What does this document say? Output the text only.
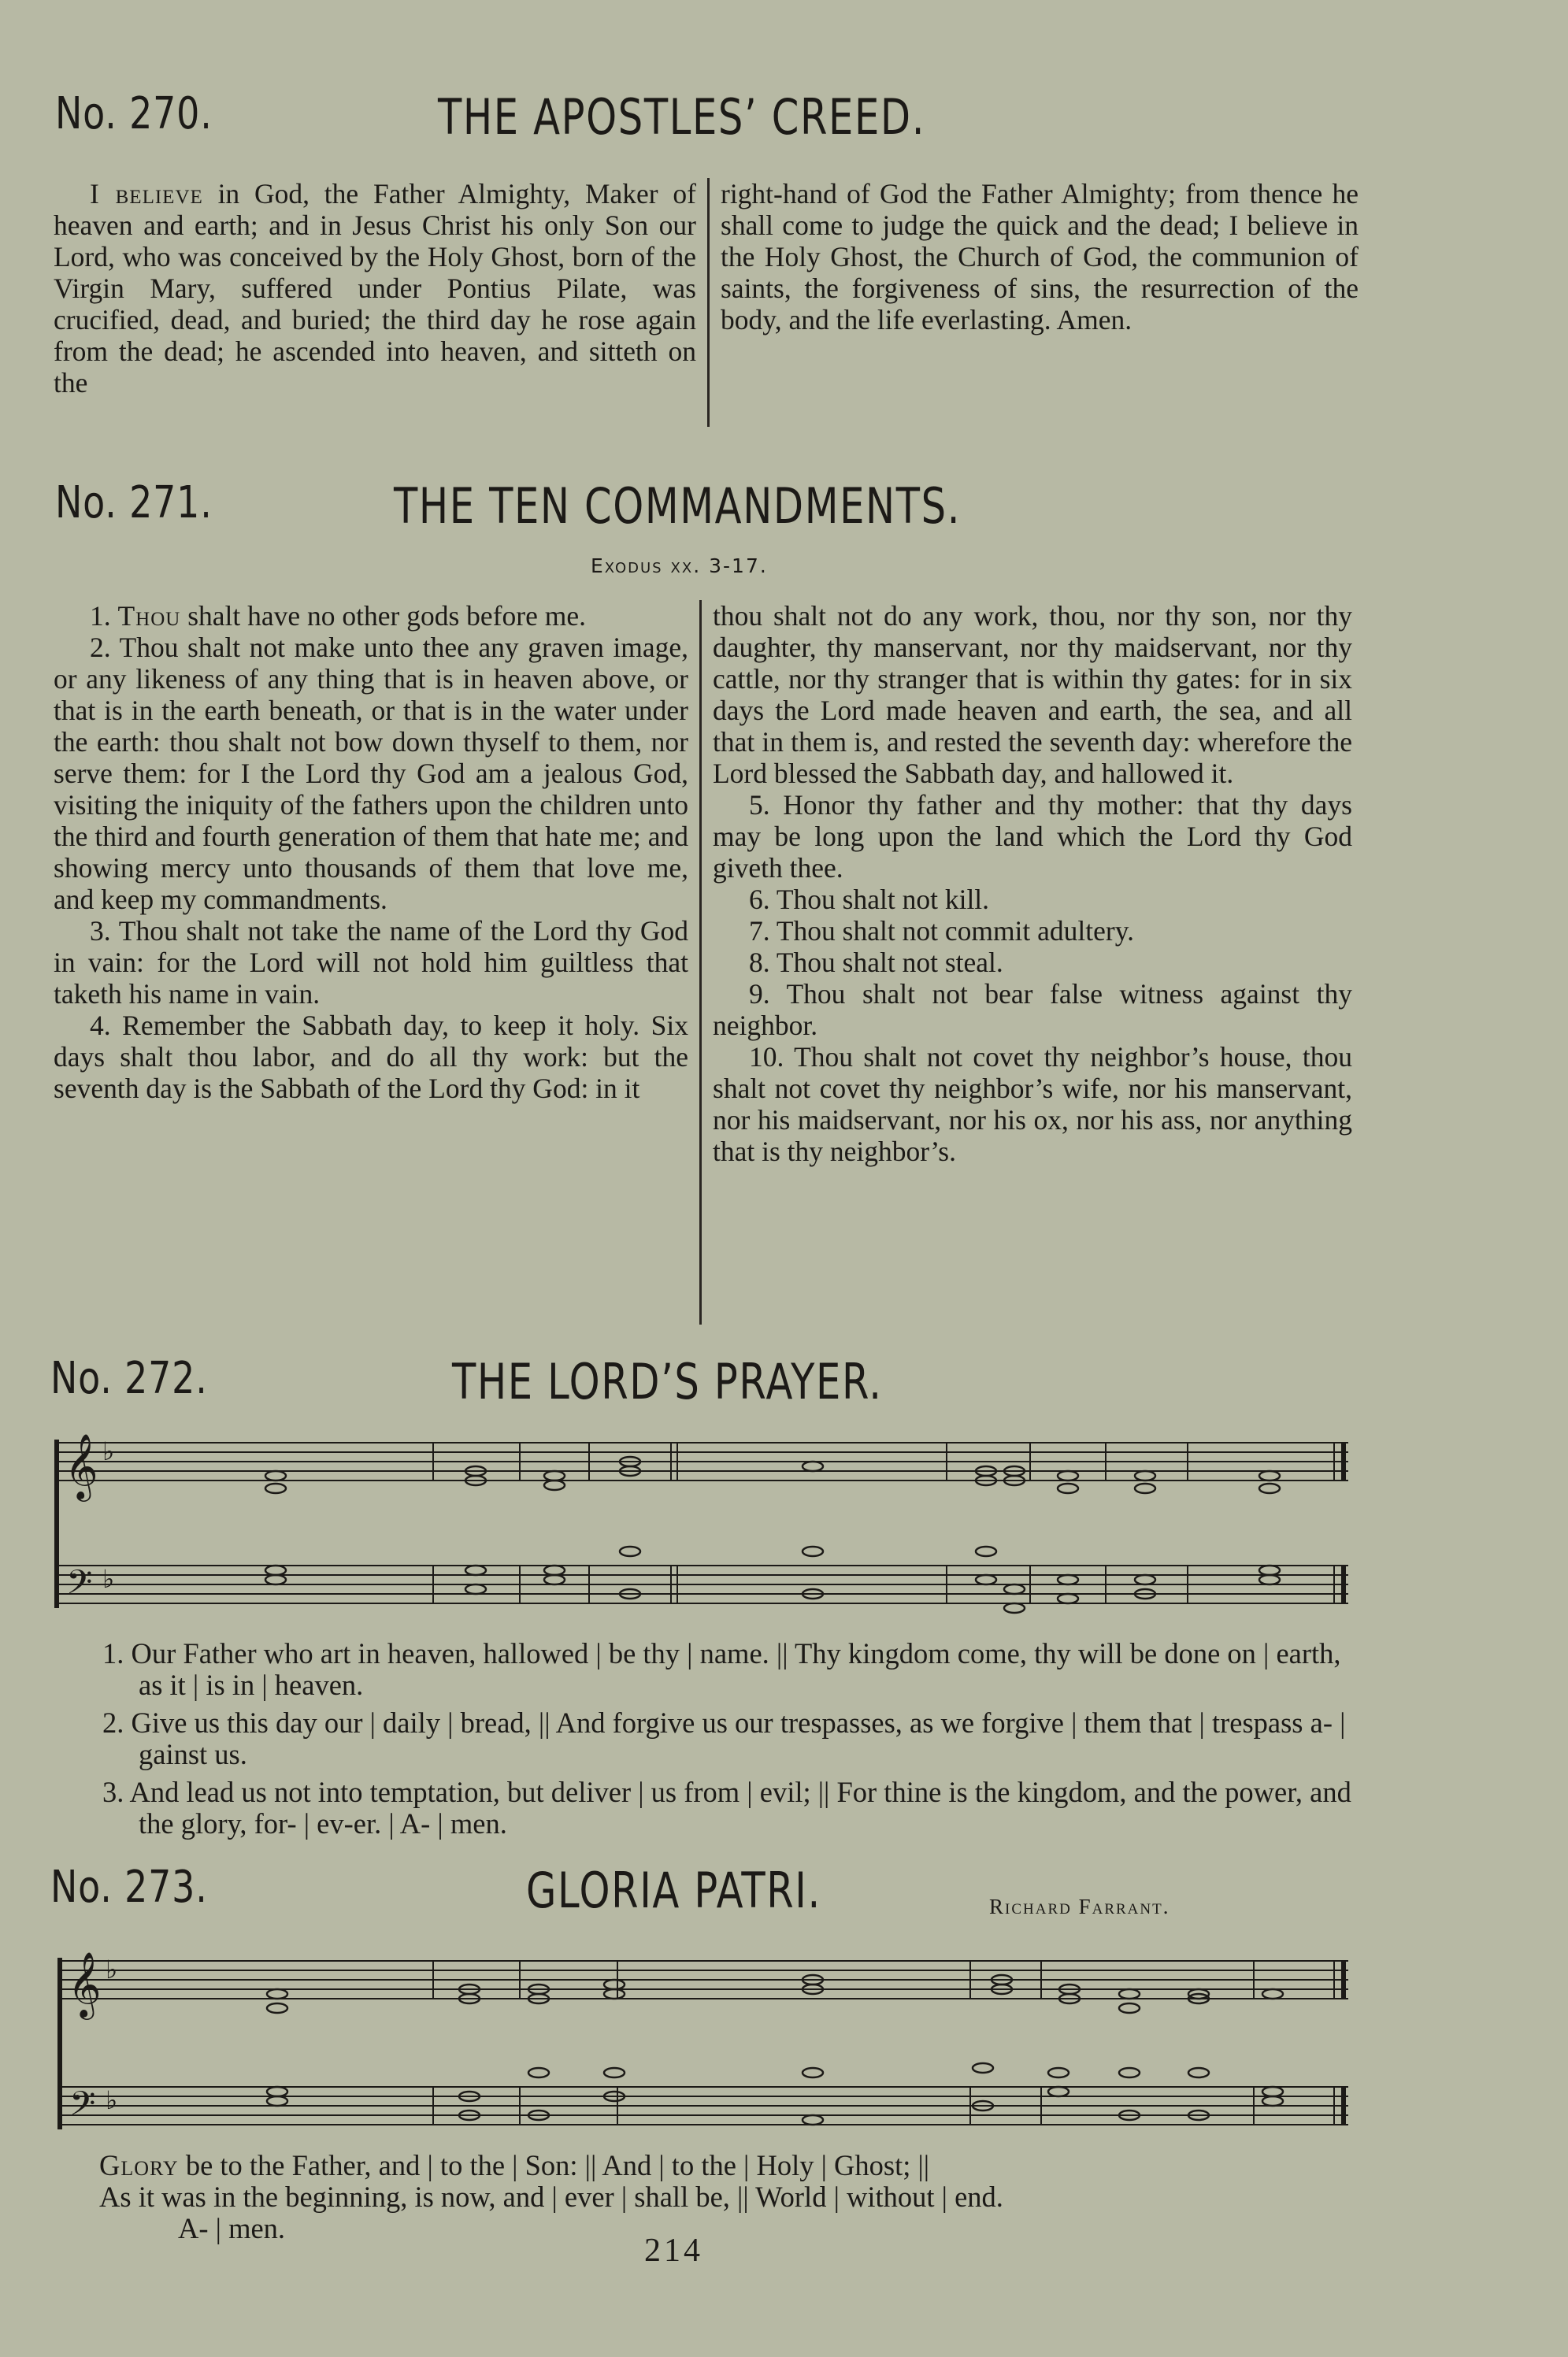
No. 270.	THE APOSTLES’ CREED.

I believe in God, the Father Almighty, Maker of heaven and earth; and in Jesus Christ his only Son our Lord, who was conceived by the Holy Ghost, born of the Virgin Mary, suffered under Pontius Pilate, was crucified, dead, and buried; the third day he rose again from the dead; he ascended into heaven, and sitteth on the

right-hand of God the Father Almighty; from thence he shall come to judge the quick and the dead; I believe in the Holy Ghost, the Church of God, the communion of saints, the forgiveness of sins, the resurrection of the body, and the life everlasting. Amen.

No. 271.	THE TEN COMMANDMENTS.
Exodus xx. 3-17.

1. Thou shalt have no other gods before me.

2. Thou shalt not make unto thee any graven image, or any likeness of any thing that is in heaven above, or that is in the earth beneath, or that is in the water under the earth: thou shalt not bow down thyself to them, nor serve them: for I the Lord thy God am a jealous God, visiting the iniquity of the fathers upon the children unto the third and fourth generation of them that hate me; and showing mercy unto thousands of them that love me, and keep my commandments.

3. Thou shalt not take the name of the Lord thy God in vain: for the Lord will not hold him guiltless that taketh his name in vain.

4. Remember the Sabbath day, to keep it holy. Six days shalt thou labor, and do all thy work: but the seventh day is the Sabbath of the Lord thy God: in it

thou shalt not do any work, thou, nor thy son, nor thy daughter, thy manservant, nor thy maidservant, nor thy cattle, nor thy stranger that is within thy gates: for in six days the Lord made heaven and earth, the sea, and all that in them is, and rested the seventh day: wherefore the Lord blessed the Sabbath day, and hallowed it.

5. Honor thy father and thy mother: that thy days may be long upon the land which the Lord thy God giveth thee.

6. Thou shalt not kill.

7. Thou shalt not commit adultery.

8. Thou shalt not steal.

9. Thou shalt not bear false witness against thy neighbor.

10. Thou shalt not covet thy neighbor’s house, thou shalt not covet thy neighbor’s wife, nor his manservant, nor his maidservant, nor his ox, nor his ass, nor anything that is thy neighbor’s.

No. 272.	THE LORD’S PRAYER.
𝄞
𝄢
♭
♭

1. Our Father who art in heaven, hallowed | be thy | name. || Thy kingdom come, thy will be done on | earth, as it | is in | heaven.

2. Give us this day our | daily | bread, || And forgive us our trespasses, as we forgive | them that | trespass a- | gainst us.

3. And lead us not into temptation, but deliver | us from | evil; || For thine is the kingdom, and the power, and the glory, for- | ev-er. | A- | men.

No. 273.	GLORIA PATRI.	Richard Farrant.
𝄞
𝄢
♭
♭

Glory be to the Father, and | to the | Son: || And | to the | Holy | Ghost; ||

As it was in the beginning, is now, and | ever | shall be, || World | without | end.

A- | men.

214
